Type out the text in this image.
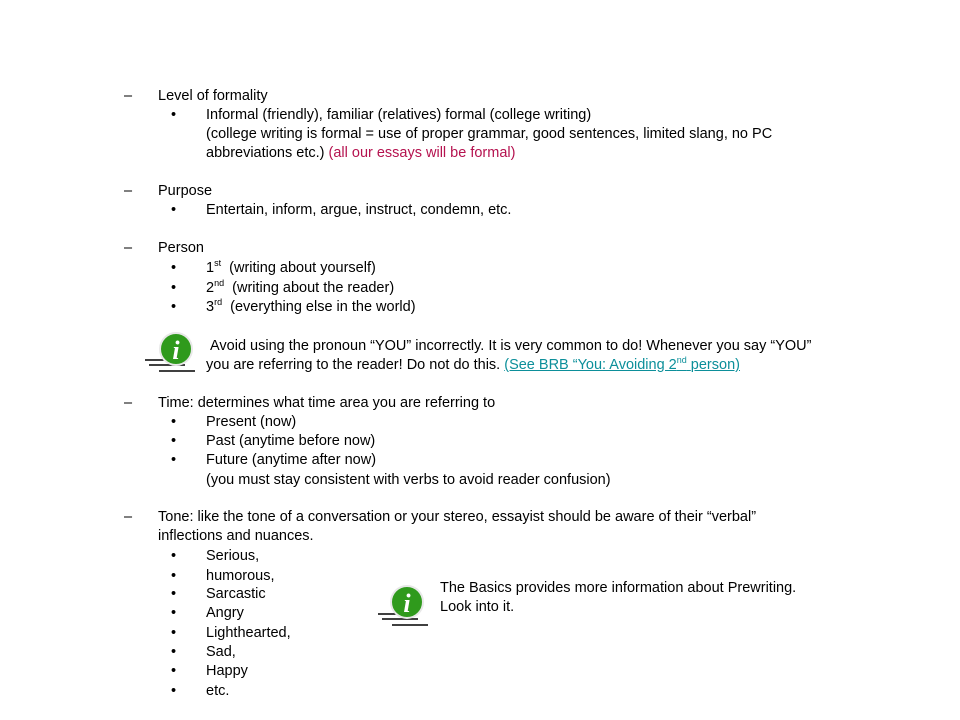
– Level of formality
• Informal (friendly), familiar (relatives) formal (college writing)
(college writing is formal = use of proper grammar, good sentences, limited slang, no PC
abbreviations etc.) (all our essays will be formal)
– Purpose
• Entertain, inform, argue, instruct, condemn, etc.
– Person
• 1st (writing about yourself)
• 2nd (writing about the reader)
• 3rd (everything else in the world)
i Avoid using the pronoun “YOU” incorrectly. It is very common to do! Whenever you say “YOU”
you are referring to the reader! Do not do this. (See BRB “You: Avoiding 2nd person)
– Time: determines what time area you are referring to
• Present (now)
• Past (anytime before now)
• Future (anytime after now)
(you must stay consistent with verbs to avoid reader confusion)
– Tone: like the tone of a conversation or your stereo, essayist should be aware of their “verbal”
inflections and nuances.
• Serious,
• humorous,
• Sarcastic
• Angry
• Lighthearted,
• Sad,
• Happy
• etc.
i
The Basics provides more information about Prewriting.
Look into it.
